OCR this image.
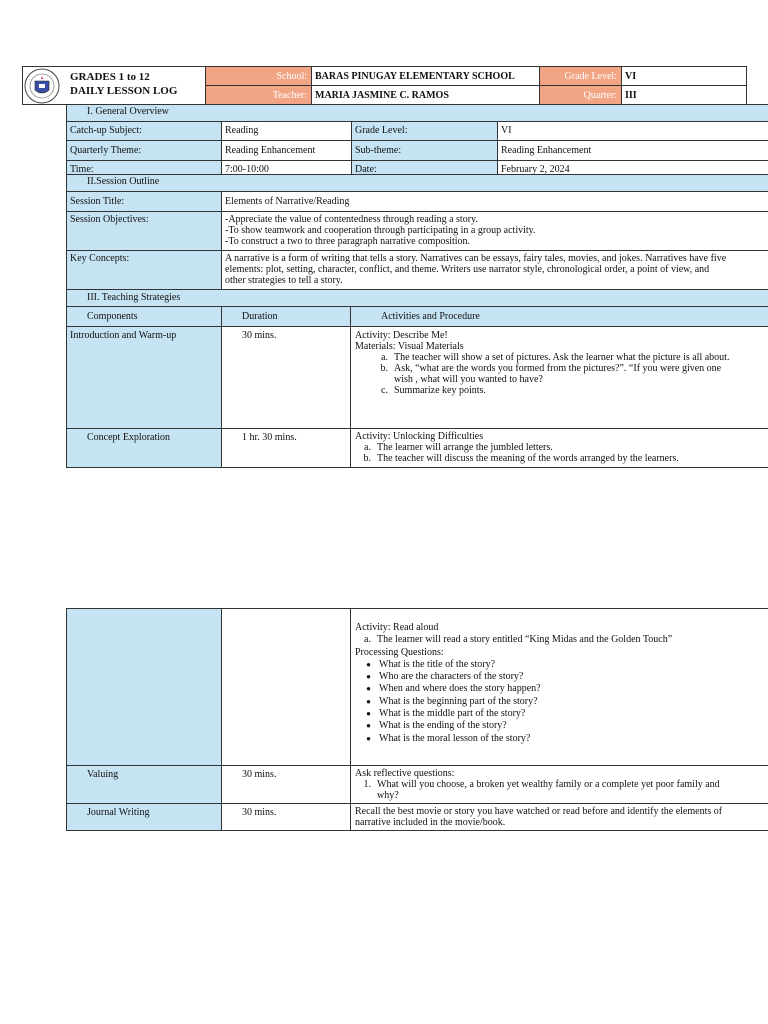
GRADES 1 to 12
DAILY LESSON LOG
School: BARAS PINUGAY ELEMENTARY SCHOOL	Grade Level: VI
Teacher: MARIA JASMINE C. RAMOS	Quarter: III
I. General Overview
Catch-up Subject:	Reading	Grade Level:	VI
Quarterly Theme:	Reading Enhancement	Sub-theme:	Reading Enhancement
Time:	7:00-10:00	Date:	February 2, 2024
II.Session Outline
Session Title:	Elements of Narrative/Reading
Session Objectives:	-Appreciate the value of contentedness through reading a story.
-To show teamwork and cooperation through participating in a group activity.
-To construct a two to three paragraph narrative composition.
Key Concepts:	A narrative is a form of writing that tells a story. Narratives can be essays, fairy tales, movies, and jokes. Narratives have five
elements: plot, setting, character, conflict, and theme. Writers use narrator style, chronological order, a point of view, and
other strategies to tell a story.
III. Teaching Strategies
Components	Duration	Activities and Procedure
Introduction and Warm-up	30 mins.	Activity: Describe Me!
Materials: Visual Materials
a. The teacher will show a set of pictures. Ask the learner what the picture is all about.
b. Ask, “what are the words you formed from the pictures?”. “If you were given one
wish , what will you wanted to have?
c. Summarize key points.
Concept Exploration	1 hr. 30 mins.	Activity: Unlocking Difficulties
a. The learner will arrange the jumbled letters.
b. The teacher will discuss the meaning of the words arranged by the learners.
Activity: Read aloud
a. The learner will read a story entitled “King Midas and the Golden Touch”
Processing Questions:
● What is the title of the story?
● Who are the characters of the story?
● When and where does the story happen?
● What is the beginning part of the story?
● What is the middle part of the story?
● What is the ending of the story?
● What is the moral lesson of the story?
Valuing	30 mins.	Ask reflective questions:
1. What will you choose, a broken yet wealthy family or a complete yet poor family and
why?
Journal Writing	30 mins.	Recall the best movie or story you have watched or read before and identify the elements of
narrative included in the movie/book.
